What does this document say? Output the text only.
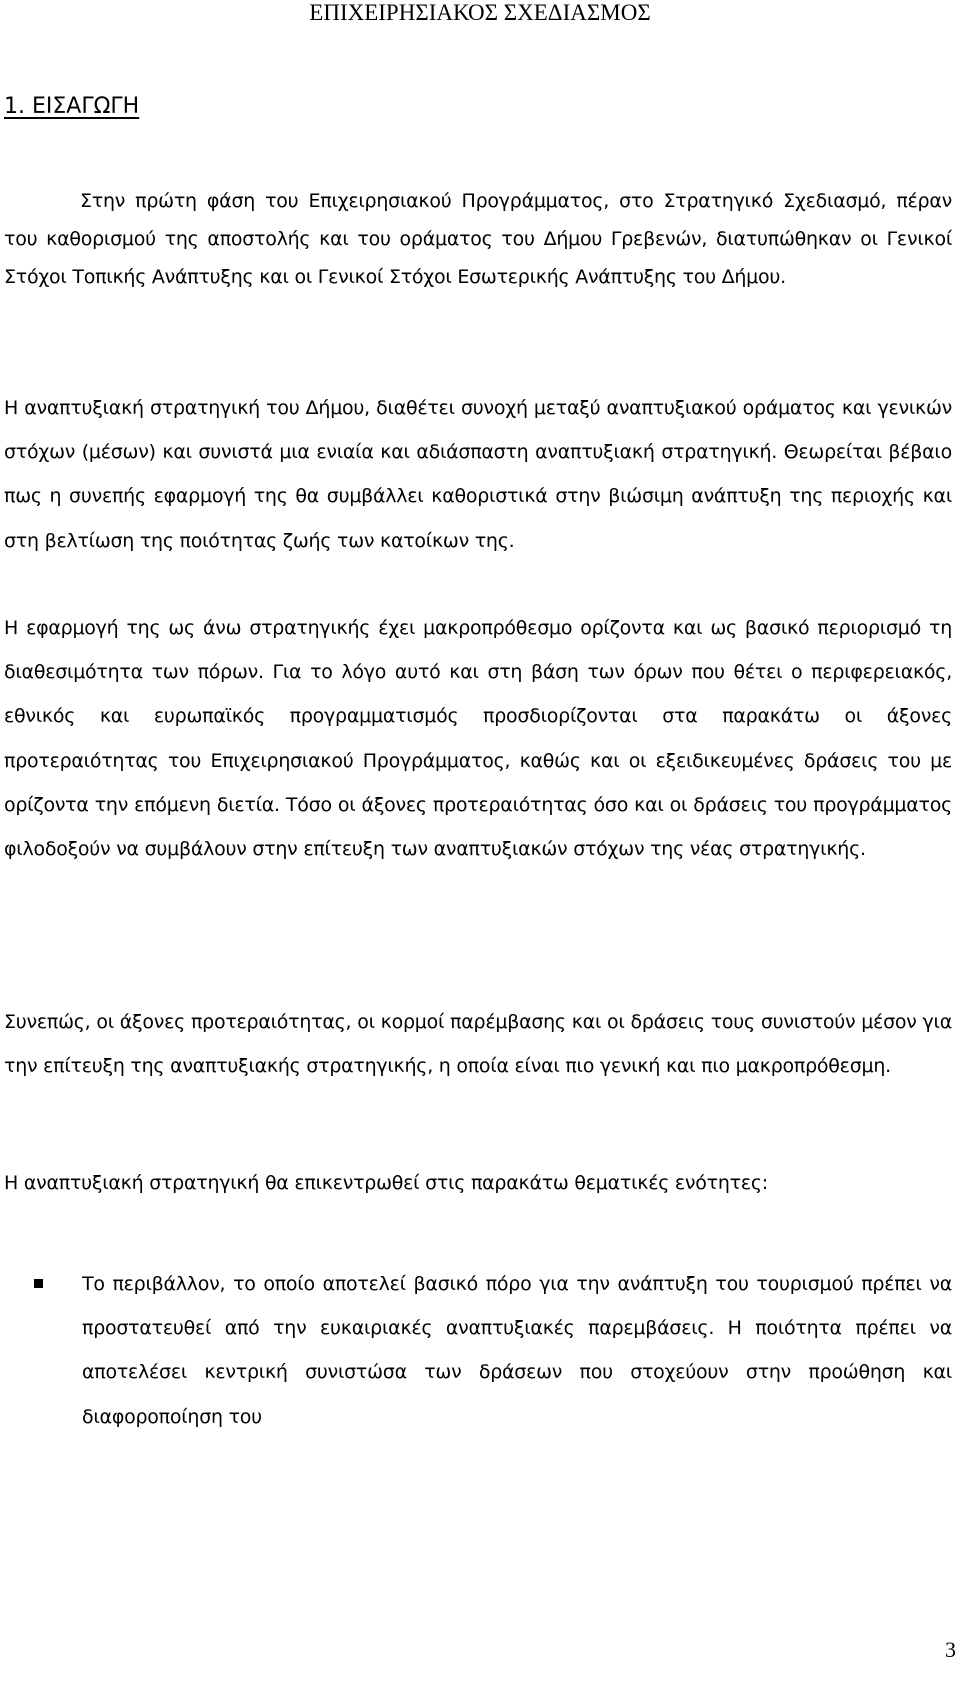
ΕΠΙΧΕΙΡΗΣΙΑΚΟΣ ΣΧΕΔΙΑΣΜΟΣ
1. ΕΙΣΑΓΩΓΗ

Στην πρώτη φάση του Επιχειρησιακού Προγράμματος, στο Στρατηγικό Σχεδιασμό, πέραν του καθορισμού της αποστολής και του οράματος του Δήμου Γρεβενών, διατυπώθηκαν οι Γενικοί Στόχοι Τοπικής Ανάπτυξης και οι Γενικοί Στόχοι Εσωτερικής Ανάπτυξης του Δήμου.

Η αναπτυξιακή στρατηγική του Δήμου, διαθέτει συνοχή μεταξύ αναπτυξιακού οράματος και γενικών στόχων (μέσων) και συνιστά μια ενιαία και αδιάσπαστη αναπτυξιακή στρατηγική. Θεωρείται βέβαιο πως η συνεπής εφαρμογή της θα συμβάλλει καθοριστικά στην βιώσιμη ανάπτυξη της περιοχής και στη βελτίωση της ποιότητας ζωής των κατοίκων της.

Η εφαρμογή της ως άνω στρατηγικής έχει μακροπρόθεσμο ορίζοντα και ως βασικό περιορισμό τη διαθεσιμότητα των πόρων. Για το λόγο αυτό και στη βάση των όρων που θέτει ο περιφερειακός, εθνικός και ευρωπαϊκός προγραμματισμός προσδιορίζονται στα παρακάτω οι άξονες προτεραιότητας του Επιχειρησιακού Προγράμματος, καθώς και οι εξειδικευμένες δράσεις του με ορίζοντα την επόμενη διετία. Τόσο οι άξονες προτεραιότητας όσο και οι δράσεις του προγράμματος φιλοδοξούν να συμβάλουν στην επίτευξη των αναπτυξιακών στόχων της νέας στρατηγικής.

Συνεπώς, οι άξονες προτεραιότητας, οι κορμοί παρέμβασης και οι δράσεις τους συνιστούν μέσον για την επίτευξη της αναπτυξιακής στρατηγικής, η οποία είναι πιο γενική και πιο μακροπρόθεσμη.

Η αναπτυξιακή στρατηγική θα επικεντρωθεί στις παρακάτω θεματικές ενότητες:

Το περιβάλλον, το οποίο αποτελεί βασικό πόρο για την ανάπτυξη του τουρισμού πρέπει να προστατευθεί από την ευκαιριακές αναπτυξιακές παρεμβάσεις. Η ποιότητα πρέπει να αποτελέσει κεντρική συνιστώσα των δράσεων που στοχεύουν στην προώθηση και διαφοροποίηση του
3
